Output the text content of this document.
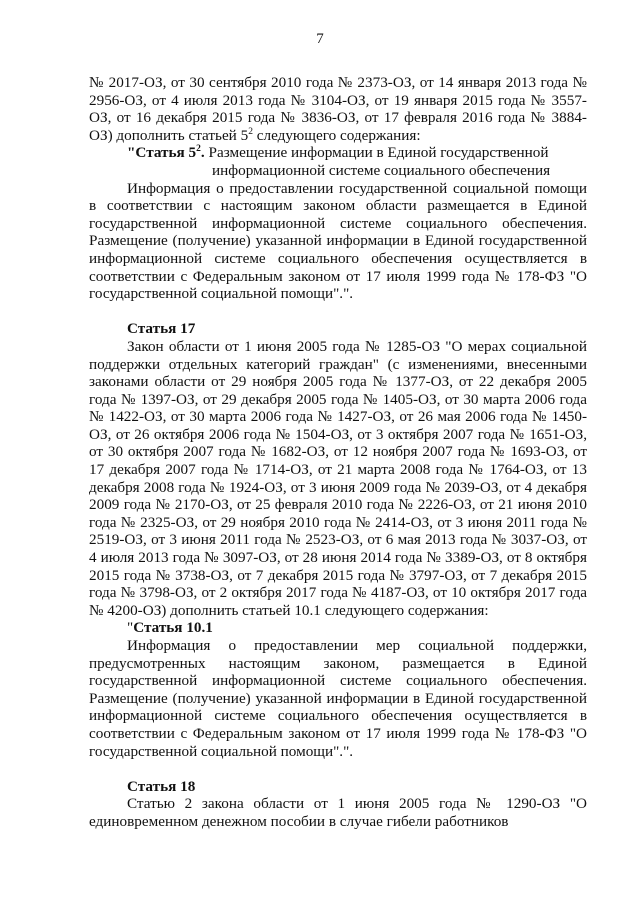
7

№ 2017-ОЗ, от 30 сентября 2010 года № 2373-ОЗ, от 14 января 2013 года № 2956-ОЗ, от 4 июля 2013 года № 3104-ОЗ, от 19 января 2015 года № 3557-ОЗ, от 16 декабря 2015 года № 3836-ОЗ, от 17 февраля 2016 года № 3884-ОЗ) дополнить статьей $5^2$ следующего содержания:

"Статья $5^2$. Размещение информации в Единой государственной
информационной системе социального обеспечения

Информация о предоставлении государственной социальной помощи в соответствии с настоящим законом области размещается в Единой государственной информационной системе социального обеспечения. Размещение (получение) указанной информации в Единой государственной информационной системе социального обеспечения осуществляется в соответствии с Федеральным законом от 17 июля 1999 года № 178-ФЗ "О государственной социальной помощи".".

Статья 17

Закон области от 1 июня 2005 года № 1285-ОЗ "О мерах социальной поддержки отдельных категорий граждан" (с изменениями, внесенными законами области от 29 ноября 2005 года № 1377-ОЗ, от 22 декабря 2005 года № 1397-ОЗ, от 29 декабря 2005 года № 1405-ОЗ, от 30 марта 2006 года № 1422-ОЗ, от 30 марта 2006 года № 1427-ОЗ, от 26 мая 2006 года № 1450-ОЗ, от 26 октября 2006 года № 1504-ОЗ, от 3 октября 2007 года № 1651-ОЗ, от 30 октября 2007 года № 1682-ОЗ, от 12 ноября 2007 года № 1693-ОЗ, от 17 декабря 2007 года № 1714-ОЗ, от 21 марта 2008 года № 1764-ОЗ, от 13 декабря 2008 года № 1924-ОЗ, от 3 июня 2009 года № 2039-ОЗ, от 4 декабря 2009 года № 2170-ОЗ, от 25 февраля 2010 года № 2226-ОЗ, от 21 июня 2010 года № 2325-ОЗ, от 29 ноября 2010 года № 2414-ОЗ, от 3 июня 2011 года № 2519-ОЗ, от 3 июня 2011 года № 2523-ОЗ, от 6 мая 2013 года № 3037-ОЗ, от 4 июля 2013 года № 3097-ОЗ, от 28 июня 2014 года № 3389-ОЗ, от 8 октября 2015 года № 3738-ОЗ, от 7 декабря 2015 года № 3797-ОЗ, от 7 декабря 2015 года № 3798-ОЗ, от 2 октября 2017 года № 4187-ОЗ, от 10 октября 2017 года № 4200-ОЗ) дополнить статьей 10.1 следующего содержания:

"Статья 10.1

Информация о предоставлении мер социальной поддержки, предусмотренных настоящим законом, размещается в Единой государственной информационной системе социального обеспечения. Размещение (получение) указанной информации в Единой государственной информационной системе социального обеспечения осуществляется в соответствии с Федеральным законом от 17 июля 1999 года № 178-ФЗ "О государственной социальной помощи".".

Статья 18

Статью 2 закона области от 1 июня 2005 года № 1290-ОЗ "О единовременном денежном пособии в случае гибели работников
